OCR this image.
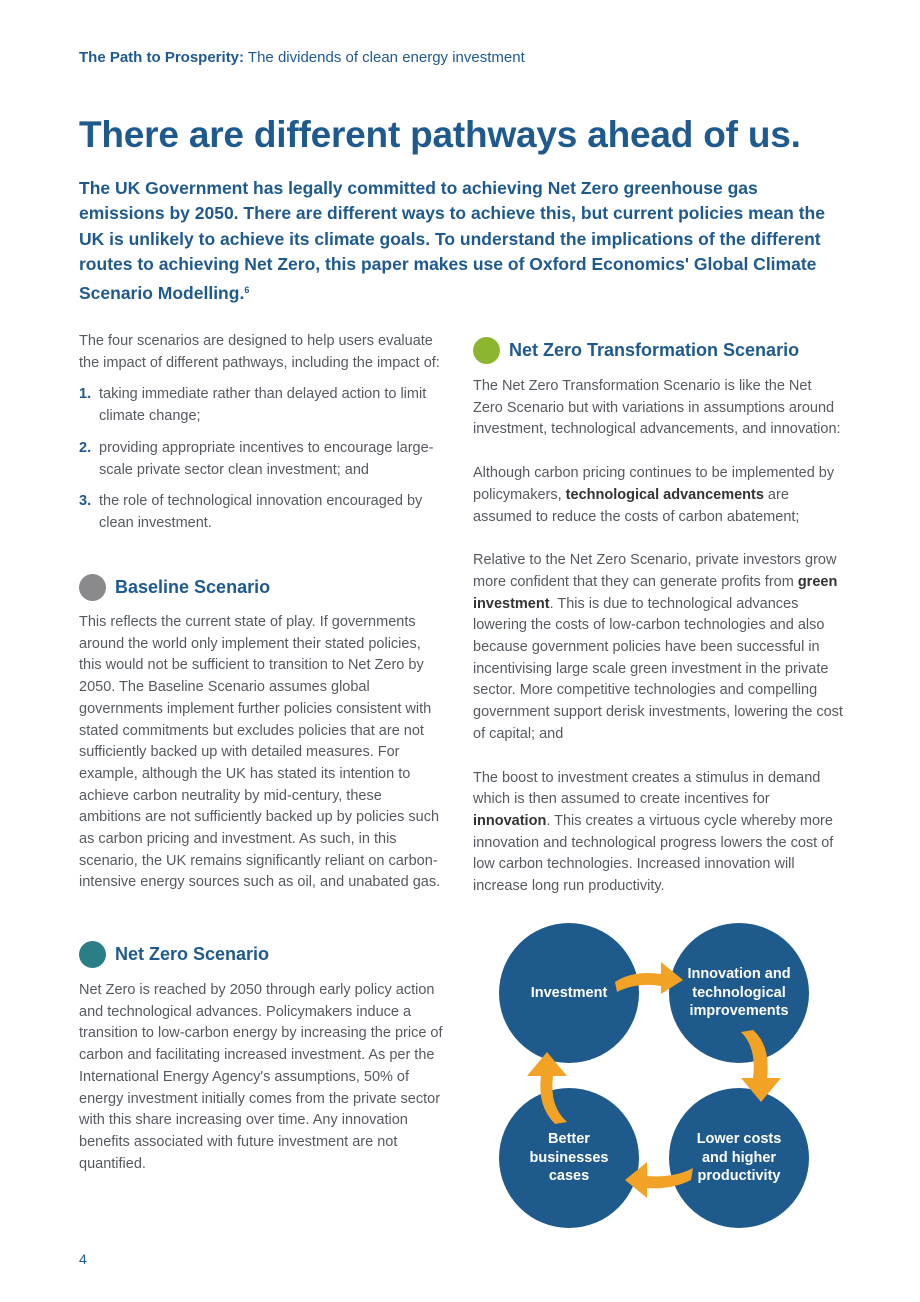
The Path to Prosperity: The dividends of clean energy investment
There are different pathways ahead of us.

The UK Government has legally committed to achieving Net Zero greenhouse gas emissions by 2050. There are different ways to achieve this, but current policies mean the UK is unlikely to achieve its climate goals. To understand the implications of the different routes to achieving Net Zero, this paper makes use of Oxford Economics' Global Climate Scenario Modelling.$^6$

The four scenarios are designed to help users evaluate the impact of different pathways, including the impact of:

1. taking immediate rather than delayed action to limit climate change;
2. providing appropriate incentives to encourage large-scale private sector clean investment; and
3. the role of technological innovation encouraged by clean investment.
Baseline Scenario

This reflects the current state of play. If governments around the world only implement their stated policies, this would not be sufficient to transition to Net Zero by 2050. The Baseline Scenario assumes global governments implement further policies consistent with stated commitments but excludes policies that are not sufficiently backed up with detailed measures. For example, although the UK has stated its intention to achieve carbon neutrality by mid-century, these ambitions are not sufficiently backed up by policies such as carbon pricing and investment. As such, in this scenario, the UK remains significantly reliant on carbon-intensive energy sources such as oil, and unabated gas.

Net Zero Scenario

Net Zero is reached by 2050 through early policy action and technological advances. Policymakers induce a transition to low-carbon energy by increasing the price of carbon and facilitating increased investment. As per the International Energy Agency's assumptions, 50% of energy investment initially comes from the private sector with this share increasing over time. Any innovation benefits associated with future investment are not quantified.

Net Zero Transformation Scenario

The Net Zero Transformation Scenario is like the Net Zero Scenario but with variations in assumptions around investment, technological advancements, and innovation:

Although carbon pricing continues to be implemented by policymakers, technological advancements are assumed to reduce the costs of carbon abatement;

Relative to the Net Zero Scenario, private investors grow more confident that they can generate profits from green investment. This is due to technological advances lowering the costs of low-carbon technologies and also because government policies have been successful in incentivising large scale green investment in the private sector. More competitive technologies and compelling government support derisk investments, lowering the cost of capital; and

The boost to investment creates a stimulus in demand which is then assumed to create incentives for innovation. This creates a virtuous cycle whereby more innovation and technological progress lowers the cost of low carbon technologies. Increased innovation will increase long run productivity.

Investment
Innovation and technological improvements
Lower costs and higher productivity
Better businesses cases
4
